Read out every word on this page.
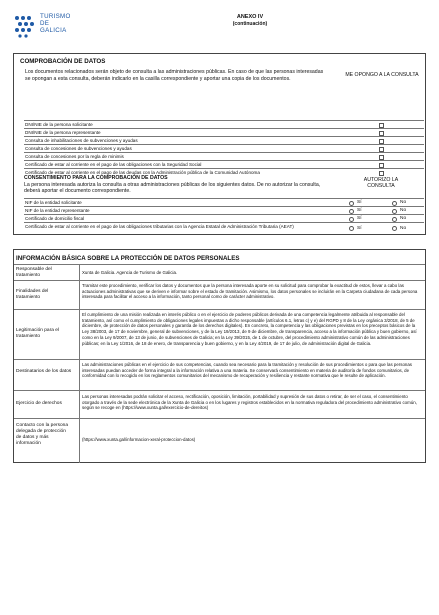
TURISMO
DE
GALICIA
ANEXO IV
(continuación)
COMPROBACIÓN DE DATOS
Los documentos relacionados serán objeto de consulta a las administraciones públicas. En caso de que las personas interesadas se opongan a esta consulta, deberán indicarlo en la casilla correspondiente y aportar una copia de los documentos.
ME OPONGO A LA CONSULTA
DNI/NIE de la persona solicitante
DNI/NIE de la persona representante
Consulta de inhabilitaciones de subvenciones y ayudas
Consulta de concesiones de subvenciones y ayudas
Consulta de concesiones por la regla de minimis
Certificado de estar al corriente en el pago de las obligaciones con la Seguridad Social
Certificado de estar al corriente en el pago de las deudas con la Administración pública de la Comunidad Autónoma
CONSENTIMIENTO PARA LA COMPROBACIÓN DE DATOS
La persona interesada autoriza la consulta a otras administraciones públicas de los siguientes datos. De no autorizar la consulta, deberá aportar el documento correspondiente.
AUTORIZO LA CONSULTA
NIF de la entidad solicitante	Sí	No
NIF de la entidad representante	Sí	No
Certificado de domicilio fiscal	Sí	No
Certificado de estar al corriente en el pago de las obligaciones tributarias con la Agencia Estatal de Administración Tributaria (AEAT)	Sí	No
INFORMACIÓN BÁSICA SOBRE LA PROTECCIÓN DE DATOS PERSONALES
Responsable del tratamiento
Xunta de Galicia. Agencia de Turismo de Galicia.
Finalidades del tratamiento
Tramitar este procedimiento, verificar los datos y documentos que la persona interesada aporte en su solicitud para comprobar la exactitud de estos, llevar a cabo las actuaciones administrativas que se deriven e informar sobre el estado de tramitación. Asimismo, los datos personales se incluirán en la Carpeta ciudadana de cada persona interesada para facilitar el acceso a la información, tanto personal como de carácter administrativo.
Legitimación para el tratamiento
El cumplimiento de una misión realizada en interés público o en el ejercicio de poderes públicos derivada de una competencia legalmente atribuida al responsable del tratamiento, así como el cumplimiento de obligaciones legales impuestas a dicho responsable (artículos 6.1, letras c) y e) del RGPD y 8 de la Ley orgánica 3/2018, de 5 de diciembre, de protección de datos personales y garantía de los derechos digitales). En concreto, la competencia y las obligaciones previstas en los preceptos básicos de la Ley 38/2003, de 17 de noviembre, general de subvenciones, y de la Ley 19/2013, de 9 de diciembre, de transparencia, acceso a la información pública y buen gobierno, así como en la Ley 9/2007, de 13 de junio, de subvenciones de Galicia; en la Ley 39/2015, de 1 de octubre, del procedimiento administrativo común de las administraciones públicas; en la Ley 1/2016, de 18 de enero, de transparencia y buen gobierno, y en la Ley 4/2019, de 17 de julio, de administración digital de Galicia.
Destinatarios de los datos
Las administraciones públicas en el ejercicio de sus competencias, cuando sea necesario para la tramitación y resolución de sus procedimientos o para que las personas interesadas puedan acceder de forma integral a la información relativa a una materia. Se conservará consentimiento en materia de auditoría de fondos comunitarios, de conformidad con lo recogido en los reglamentos comunitarios del mecanismo de recuperación y resiliencia y restante normativa que le resulte de aplicación.
Ejercicio de derechos
Las personas interesadas podrán solicitar el acceso, rectificación, oposición, limitación, portabilidad y supresión de sus datos o retirar, de ser el caso, el consentimiento otorgado a través de la sede electrónica de la Xunta de Galicia o en los lugares y registros establecidos en la normativa reguladora del procedimiento administrativo común, según se recoge en (https://www.xunta.gal/exercicio-de-dereitos)
Contacto con la persona delegada de protección de datos y más información
(https://www.xunta.gal/informacion-xeral-proteccion-datos)
